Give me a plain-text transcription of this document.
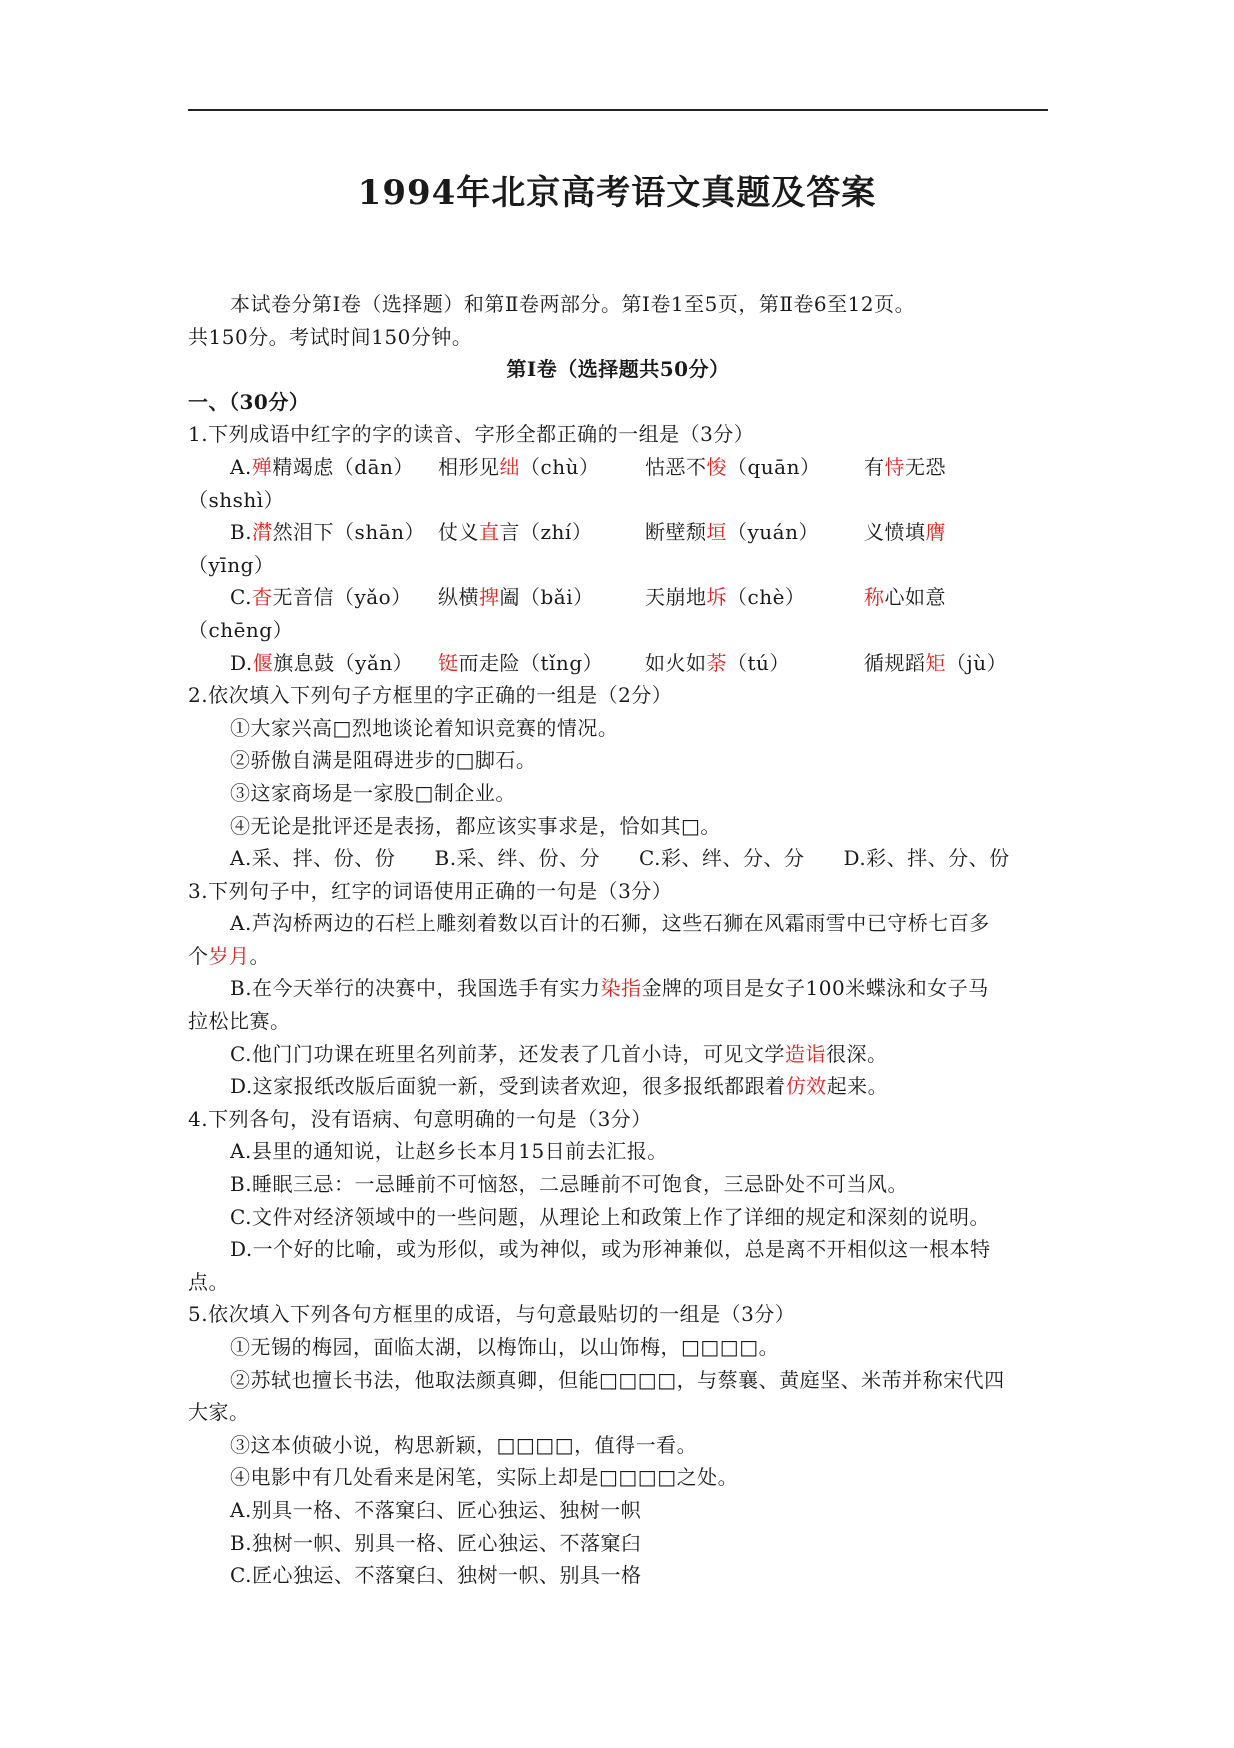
1994年北京高考语文真题及答案
本试卷分第Ⅰ卷（选择题）和第Ⅱ卷两部分。第Ⅰ卷1至5页，第Ⅱ卷6至12页。
共150分。考试时间150分钟。
第Ⅰ卷（选择题共50分）
一、（30分）
1.下列成语中红字的字的读音、字形全都正确的一组是（3分）
A.殚精竭虑（dān）	相形见绌（chù）	怙恶不悛（quān）	有恃无恐
（shshì）
B.潸然泪下（shān） 仗义直言（zhí）	断壁颓垣（yuán）	义愤填膺
（yīng）
C.杳无音信（yǎo）	纵横捭阖（bǎi）	天崩地坼（chè）	称心如意
（chēng）
D.偃旗息鼓（yǎn）	铤而走险（tǐng）	如火如荼（tú）	循规蹈矩（jù）
2.依次填入下列句子方框里的字正确的一组是（2分）
①大家兴高□烈地谈论着知识竞赛的情况。
②骄傲自满是阻碍进步的□脚石。
③这家商场是一家股□制企业。
④无论是批评还是表扬，都应该实事求是，恰如其□。
A.采、拌、份、份	B.采、绊、份、分	C.彩、绊、分、分	D.彩、拌、分、份
3.下列句子中，红字的词语使用正确的一句是（3分）
A.芦沟桥两边的石栏上雕刻着数以百计的石狮，这些石狮在风霜雨雪中已守桥七百多
个岁月。
B.在今天举行的决赛中，我国选手有实力染指金牌的项目是女子100米蝶泳和女子马
拉松比赛。
C.他门门功课在班里名列前茅，还发表了几首小诗，可见文学造诣很深。
D.这家报纸改版后面貌一新，受到读者欢迎，很多报纸都跟着仿效起来。
4.下列各句，没有语病、句意明确的一句是（3分）
A.县里的通知说，让赵乡长本月15日前去汇报。
B.睡眠三忌：一忌睡前不可恼怒，二忌睡前不可饱食，三忌卧处不可当风。
C.文件对经济领域中的一些问题，从理论上和政策上作了详细的规定和深刻的说明。
D.一个好的比喻，或为形似，或为神似，或为形神兼似，总是离不开相似这一根本特
点。
5.依次填入下列各句方框里的成语，与句意最贴切的一组是（3分）
①无锡的梅园，面临太湖，以梅饰山，以山饰梅，□□□□。
②苏轼也擅长书法，他取法颜真卿，但能□□□□，与蔡襄、黄庭坚、米芾并称宋代四
大家。
③这本侦破小说，构思新颖，□□□□，值得一看。
④电影中有几处看来是闲笔，实际上却是□□□□之处。
A.别具一格、不落窠臼、匠心独运、独树一帜
B.独树一帜、别具一格、匠心独运、不落窠臼
C.匠心独运、不落窠臼、独树一帜、别具一格
